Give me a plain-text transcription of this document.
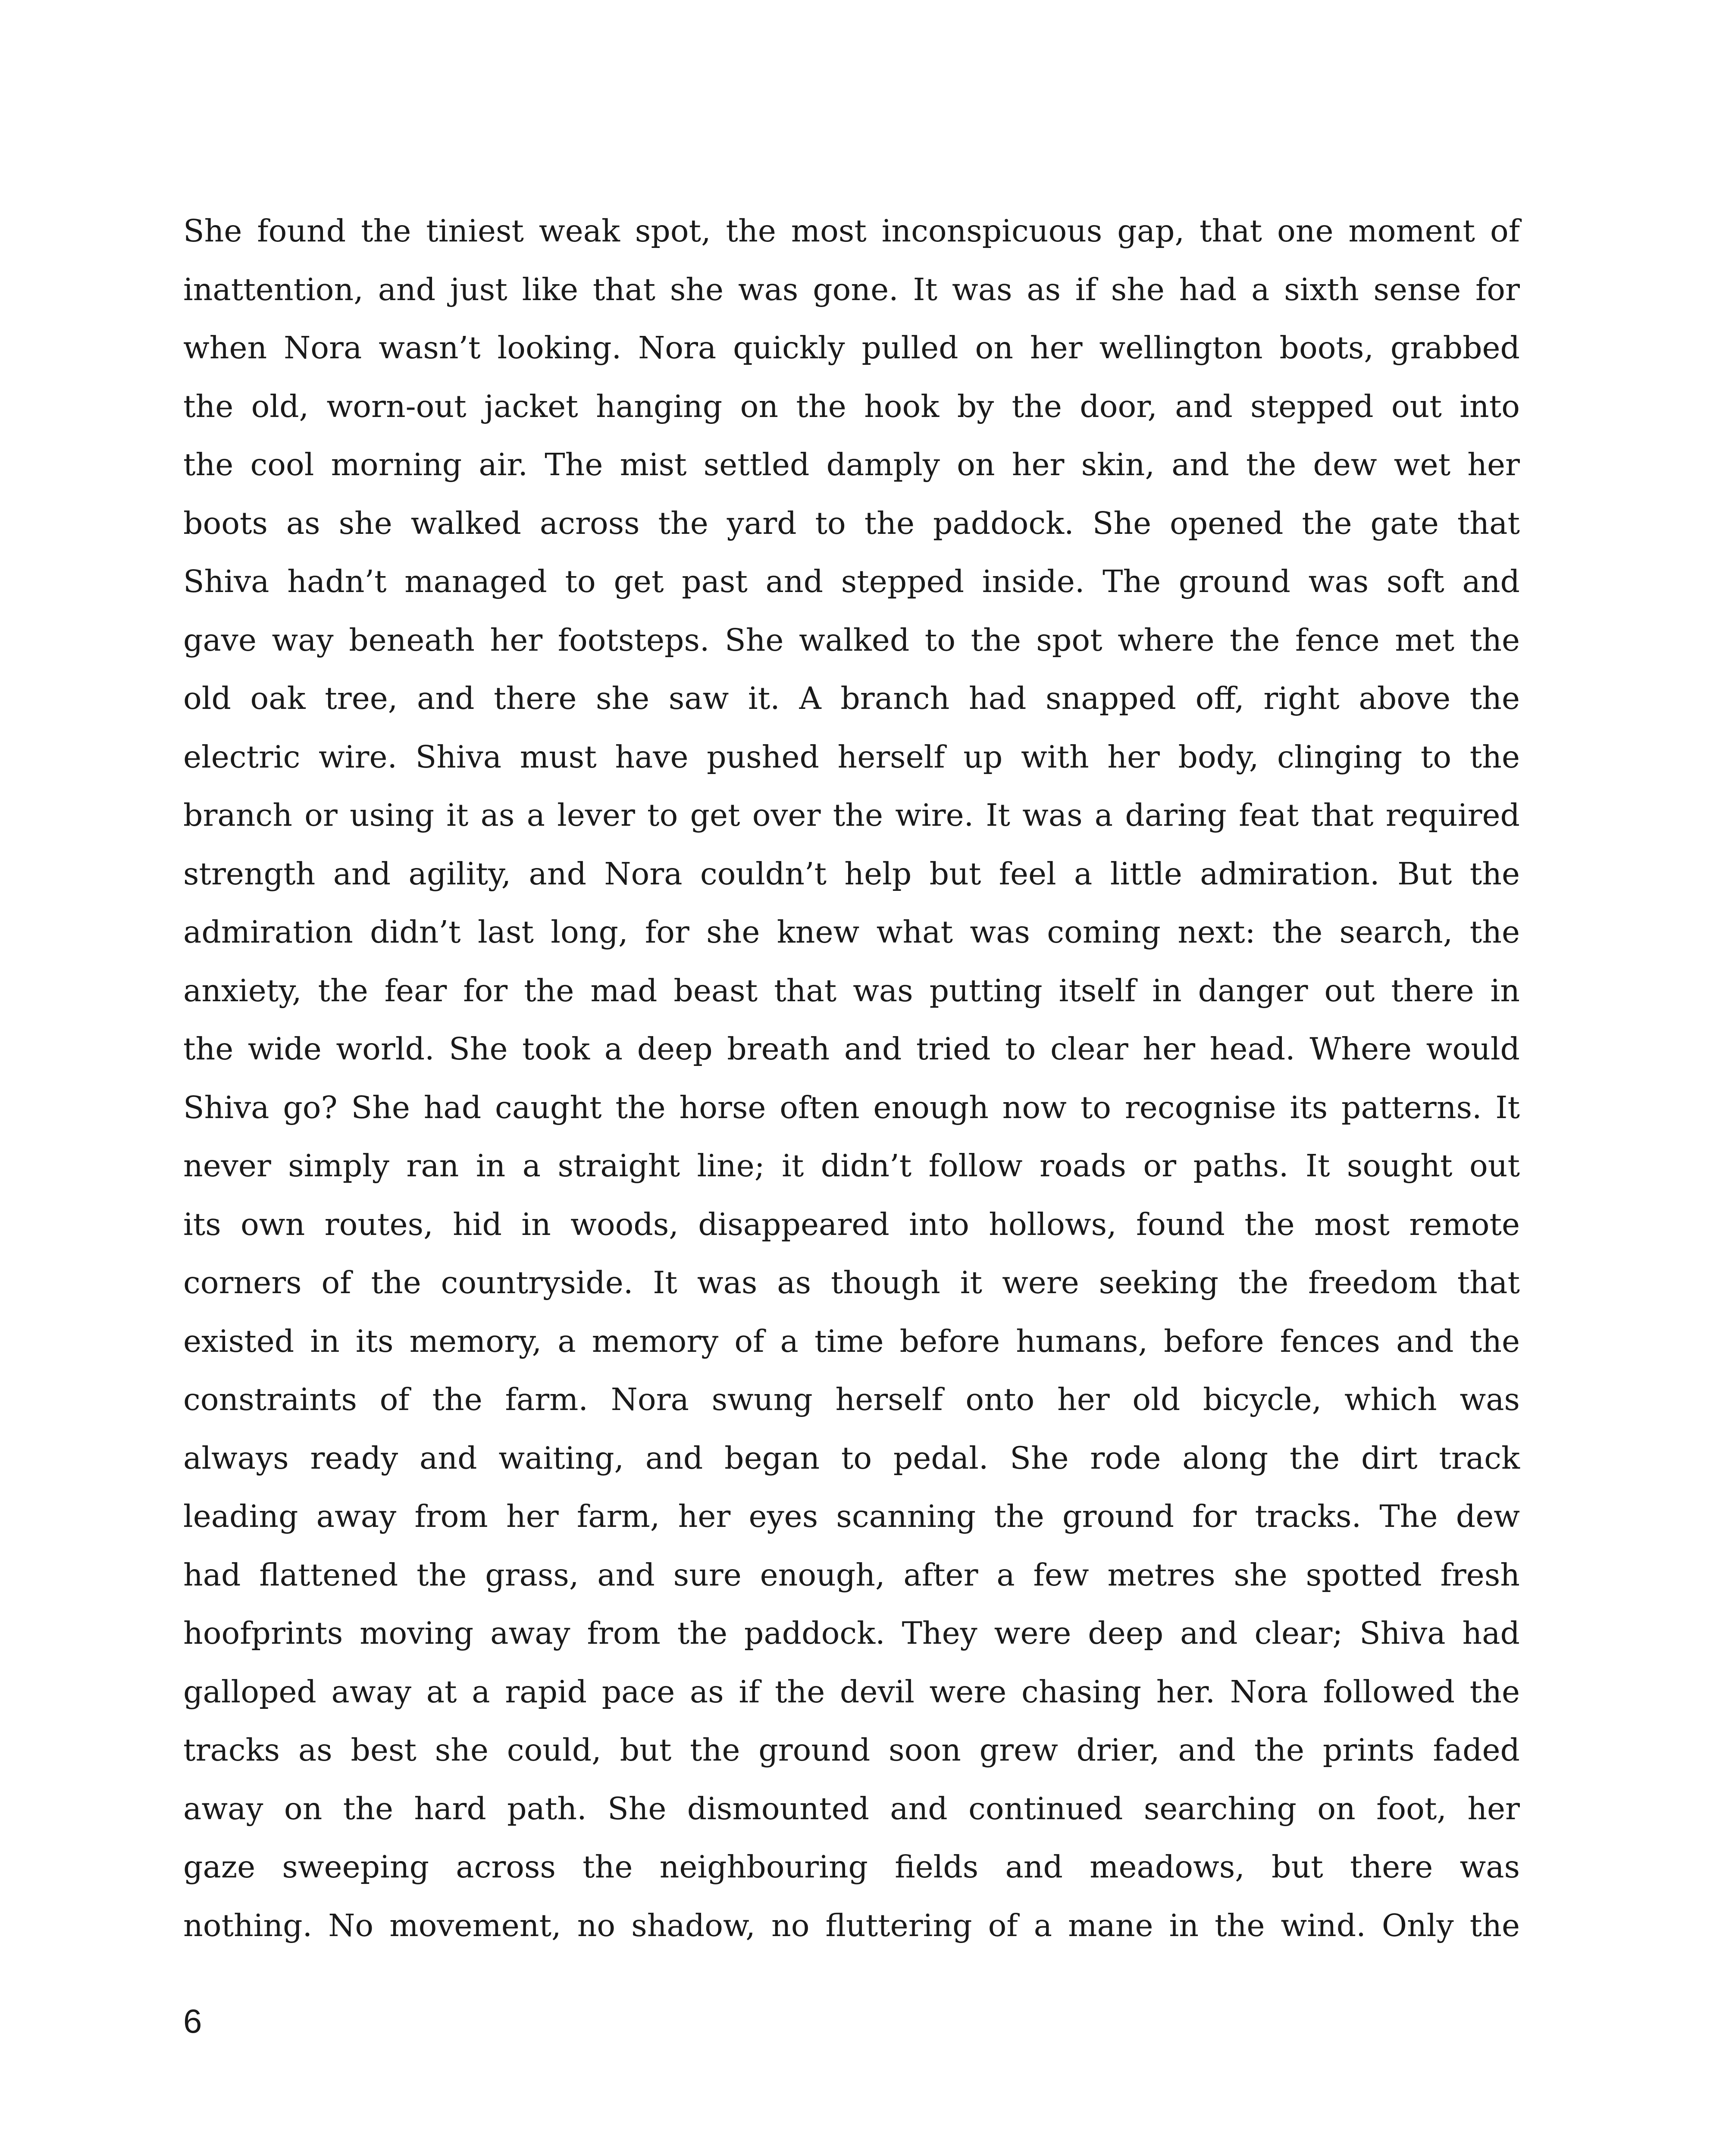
She found the tiniest weak spot, the most inconspicuous gap, that one moment of
inattention, and just like that she was gone. It was as if she had a sixth sense for
when Nora wasn’t looking. Nora quickly pulled on her wellington boots, grabbed
the old, worn-out jacket hanging on the hook by the door, and stepped out into
the cool morning air. The mist settled damply on her skin, and the dew wet her
boots as she walked across the yard to the paddock. She opened the gate that
Shiva hadn’t managed to get past and stepped inside. The ground was soft and
gave way beneath her footsteps. She walked to the spot where the fence met the
old oak tree, and there she saw it. A branch had snapped off, right above the
electric wire. Shiva must have pushed herself up with her body, clinging to the
branch or using it as a lever to get over the wire. It was a daring feat that required
strength and agility, and Nora couldn’t help but feel a little admiration. But the
admiration didn’t last long, for she knew what was coming next: the search, the
anxiety, the fear for the mad beast that was putting itself in danger out there in
the wide world. She took a deep breath and tried to clear her head. Where would
Shiva go? She had caught the horse often enough now to recognise its patterns. It
never simply ran in a straight line; it didn’t follow roads or paths. It sought out
its own routes, hid in woods, disappeared into hollows, found the most remote
corners of the countryside. It was as though it were seeking the freedom that
existed in its memory, a memory of a time before humans, before fences and the
constraints of the farm. Nora swung herself onto her old bicycle, which was
always ready and waiting, and began to pedal. She rode along the dirt track
leading away from her farm, her eyes scanning the ground for tracks. The dew
had flattened the grass, and sure enough, after a few metres she spotted fresh
hoofprints moving away from the paddock. They were deep and clear; Shiva had
galloped away at a rapid pace as if the devil were chasing her. Nora followed the
tracks as best she could, but the ground soon grew drier, and the prints faded
away on the hard path. She dismounted and continued searching on foot, her
gaze sweeping across the neighbouring fields and meadows, but there was
nothing. No movement, no shadow, no fluttering of a mane in the wind. Only the
6
